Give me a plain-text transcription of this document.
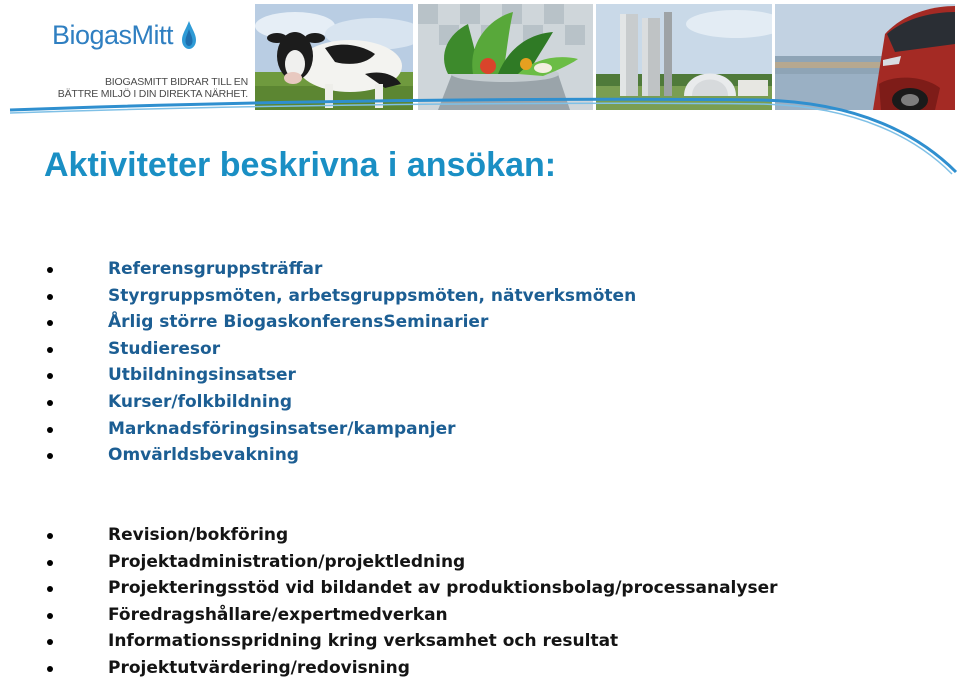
BiogasMitt
BIOGASMITT BIDRAR TILL EN
BÄTTRE MILJÖ I DIN DIREKTA NÄRHET.
Aktiviteter beskrivna i ansökan:
Referensgruppsträffar
Styrgruppsmöten, arbetsgruppsmöten, nätverksmöten
Årlig större BiogaskonferensSeminarier
Studieresor
Utbildningsinsatser
Kurser/folkbildning
Marknadsföringsinsatser/kampanjer
Omvärldsbevakning
Revision/bokföring
Projektadministration/projektledning
Projekteringsstöd vid bildandet av produktionsbolag/processanalyser
Föredragshållare/expertmedverkan
Informationsspridning kring verksamhet och resultat
Projektutvärdering/redovisning
